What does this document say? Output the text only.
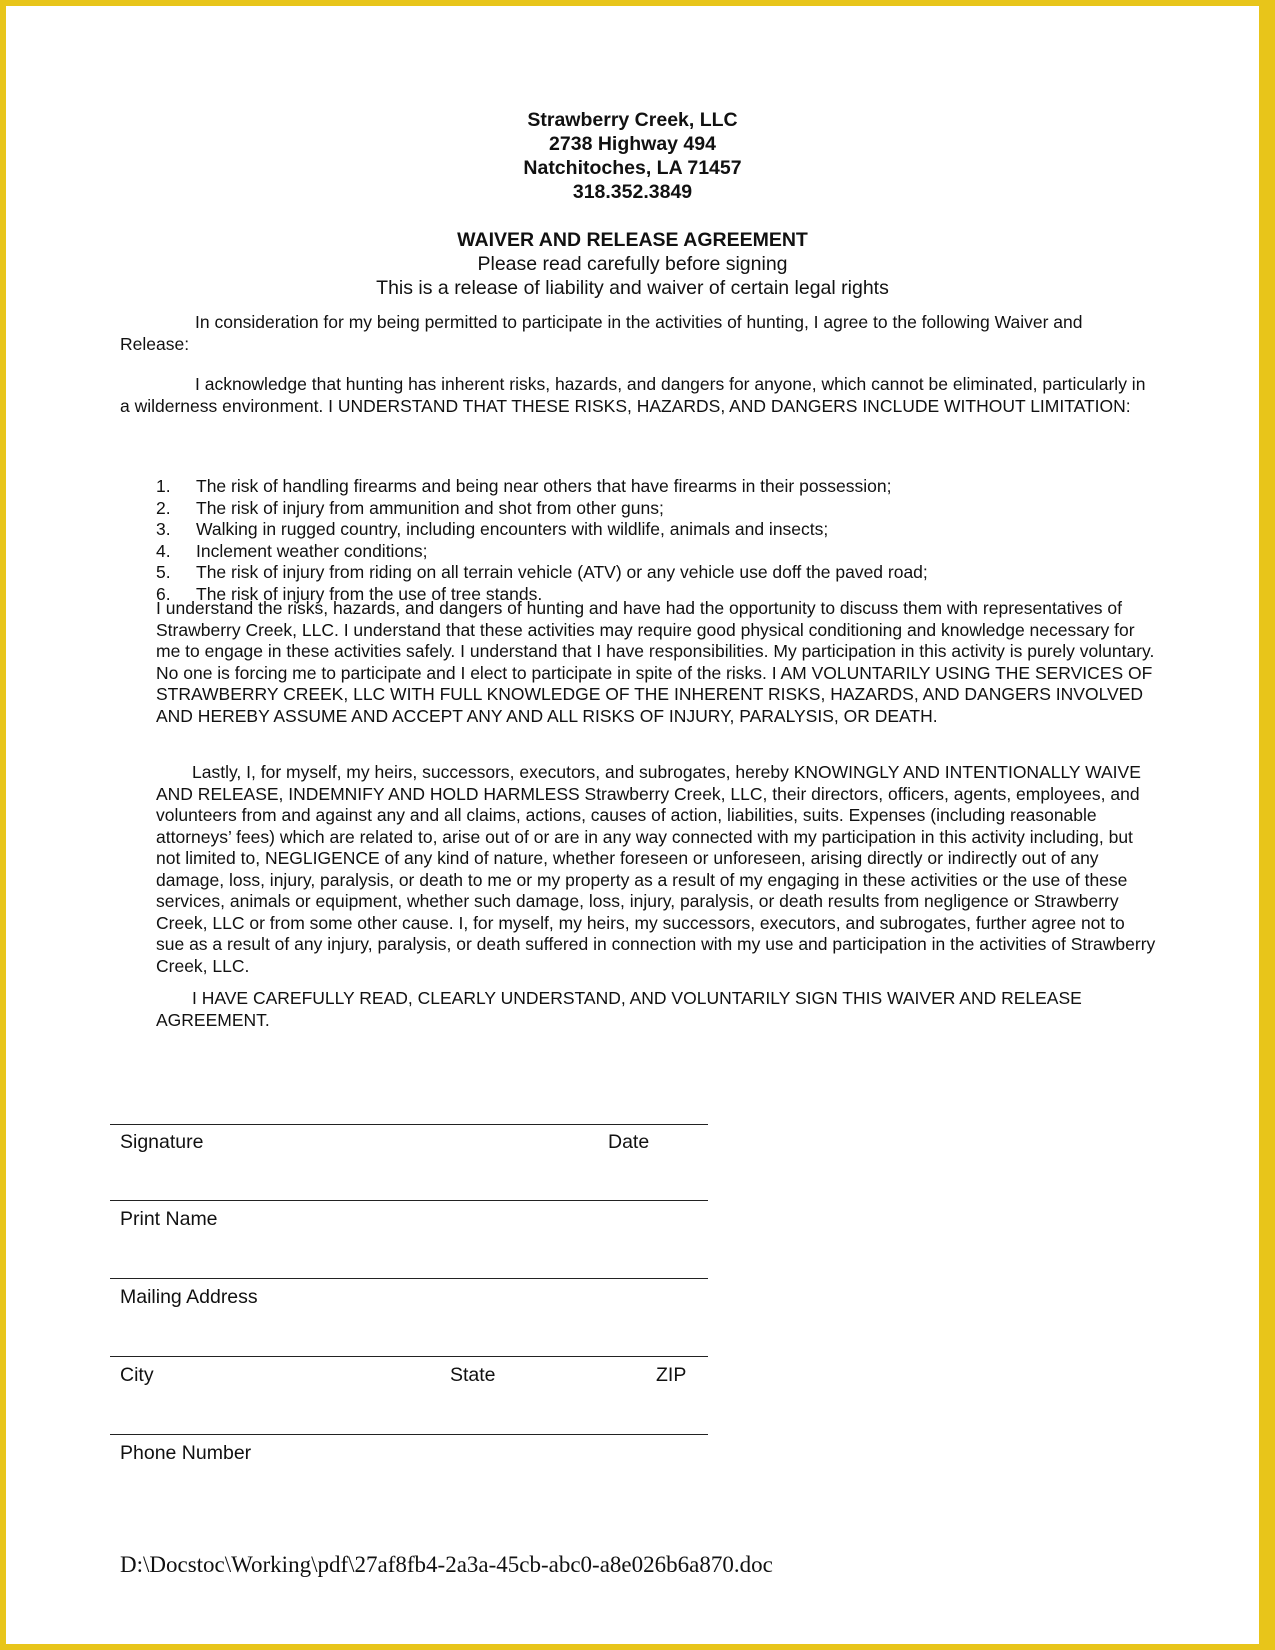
Strawberry Creek, LLC
2738 Highway 494
Natchitoches, LA 71457
318.352.3849
WAIVER AND RELEASE AGREEMENT
Please read carefully before signing
This is a release of liability and waiver of certain legal rights

In consideration for my being permitted to participate in the activities of hunting, I agree to the following Waiver and Release:

I acknowledge that hunting has inherent risks, hazards, and dangers for anyone, which cannot be eliminated, particularly in a wilderness environment. I UNDERSTAND THAT THESE RISKS, HAZARDS, AND DANGERS INCLUDE WITHOUT LIMITATION:

1.	The risk of handling firearms and being near others that have firearms in their possession;
2.	The risk of injury from ammunition and shot from other guns;
3.	Walking in rugged country, including encounters with wildlife, animals and insects;
4.	Inclement weather conditions;
5.	The risk of injury from riding on all terrain vehicle (ATV) or any vehicle use doff the paved road;
6.	The risk of injury from the use of tree stands.

I understand the risks, hazards, and dangers of hunting and have had the opportunity to discuss them with representatives of Strawberry Creek, LLC. I understand that these activities may require good physical conditioning and knowledge necessary for me to engage in these activities safely. I understand that I have responsibilities. My participation in this activity is purely voluntary. No one is forcing me to participate and I elect to participate in spite of the risks. I AM VOLUNTARILY USING THE SERVICES OF STRAWBERRY CREEK, LLC WITH FULL KNOWLEDGE OF THE INHERENT RISKS, HAZARDS, AND DANGERS INVOLVED AND HEREBY ASSUME AND ACCEPT ANY AND ALL RISKS OF INJURY, PARALYSIS, OR DEATH.

Lastly, I, for myself, my heirs, successors, executors, and subrogates, hereby KNOWINGLY AND INTENTIONALLY WAIVE AND RELEASE, INDEMNIFY AND HOLD HARMLESS Strawberry Creek, LLC, their directors, officers, agents, employees, and volunteers from and against any and all claims, actions, causes of action, liabilities, suits. Expenses (including reasonable attorneys’ fees) which are related to, arise out of or are in any way connected with my participation in this activity including, but not limited to, NEGLIGENCE of any kind of nature, whether foreseen or unforeseen, arising directly or indirectly out of any damage, loss, injury, paralysis, or death to me or my property as a result of my engaging in these activities or the use of these services, animals or equipment, whether such damage, loss, injury, paralysis, or death results from negligence or Strawberry Creek, LLC or from some other cause. I, for myself, my heirs, my successors, executors, and subrogates, further agree not to sue as a result of any injury, paralysis, or death suffered in connection with my use and participation in the activities of Strawberry Creek, LLC.

I HAVE CAREFULLY READ, CLEARLY UNDERSTAND, AND VOLUNTARILY SIGN THIS WAIVER AND RELEASE AGREEMENT.

Signature	Date
Print Name
Mailing Address
City	State	ZIP
Phone Number
D:\Docstoc\Working\pdf\27af8fb4-2a3a-45cb-abc0-a8e026b6a870.doc
